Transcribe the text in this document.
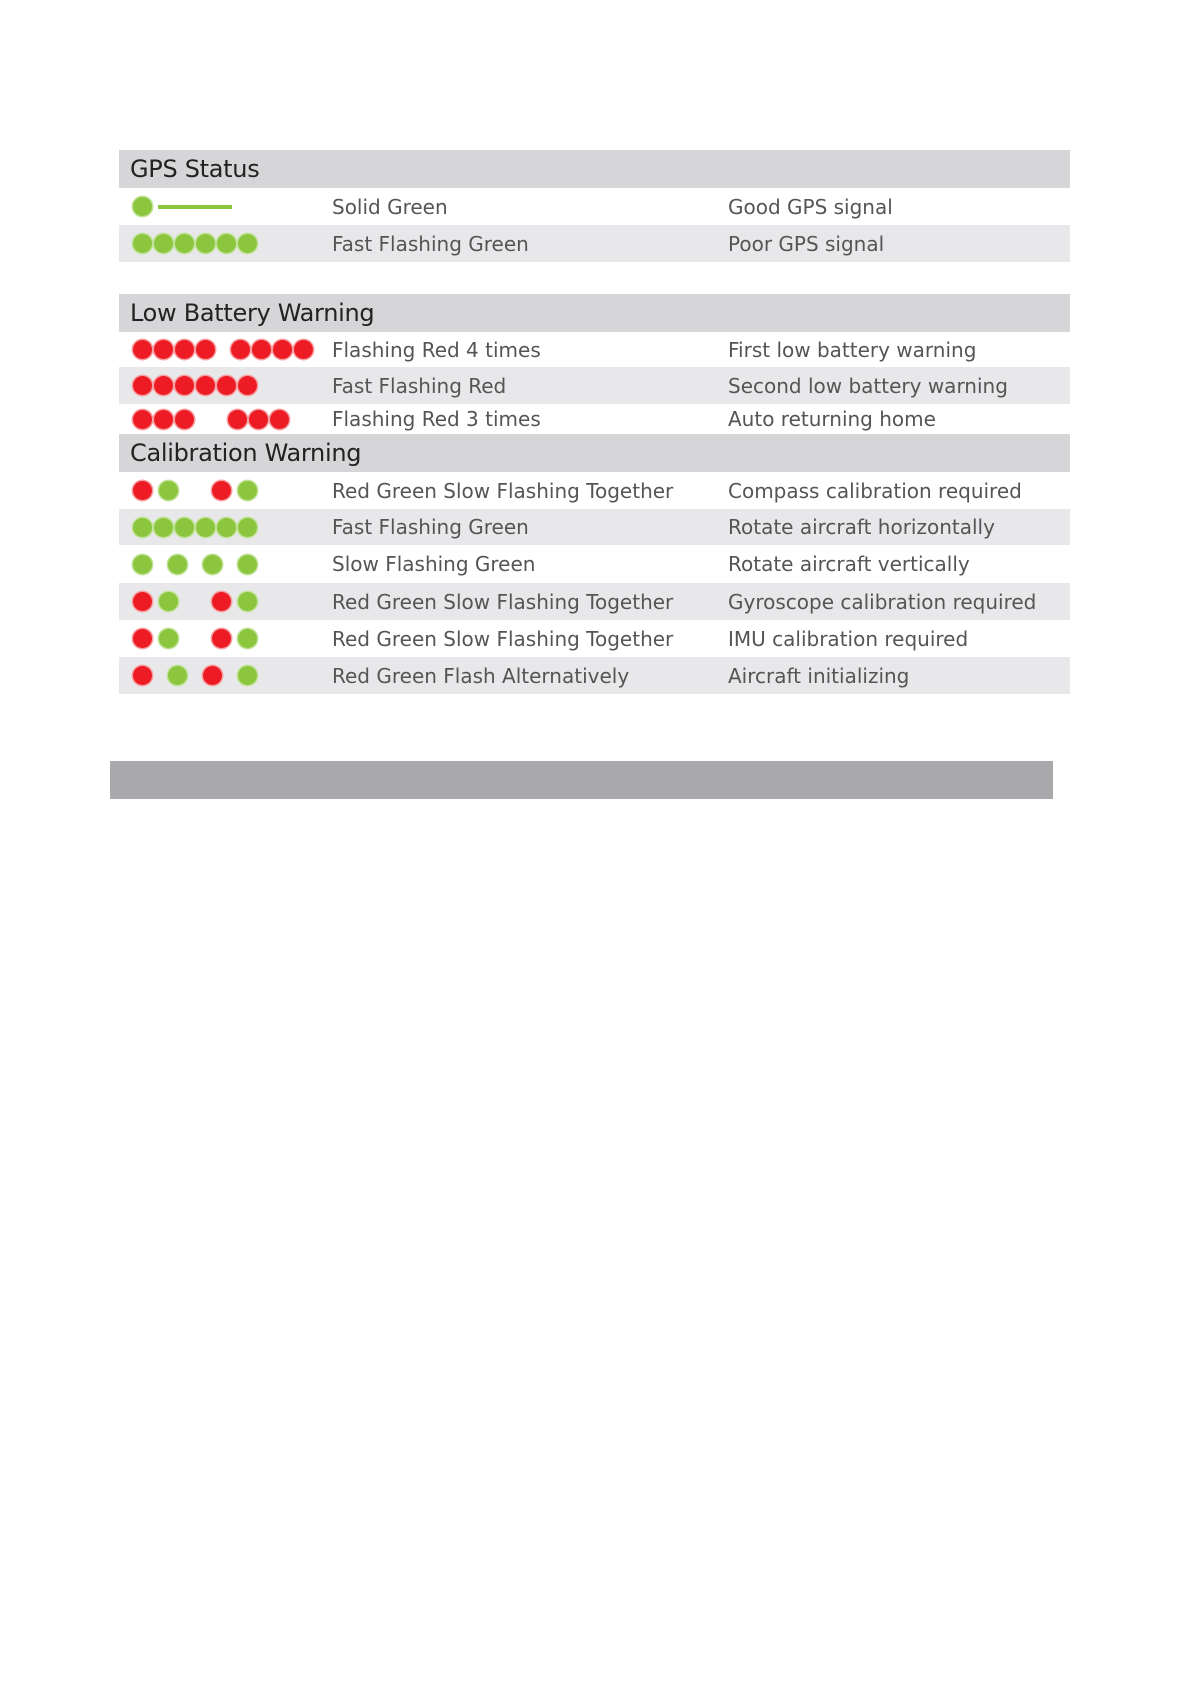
GPS Status
Solid Green	Good GPS signal
Fast Flashing Green	Poor GPS signal
Low Battery Warning
Flashing Red 4 times	First low battery warning
Fast Flashing Red	Second low battery warning
Flashing Red 3 times	Auto returning home
Calibration Warning
Red Green Slow Flashing Together	Compass calibration required
Fast Flashing Green	Rotate aircraft horizontally
Slow Flashing Green	Rotate aircraft vertically
Red Green Slow Flashing Together	Gyroscope calibration required
Red Green Slow Flashing Together	IMU calibration required
Red Green Flash Alternatively	Aircraft initializing
